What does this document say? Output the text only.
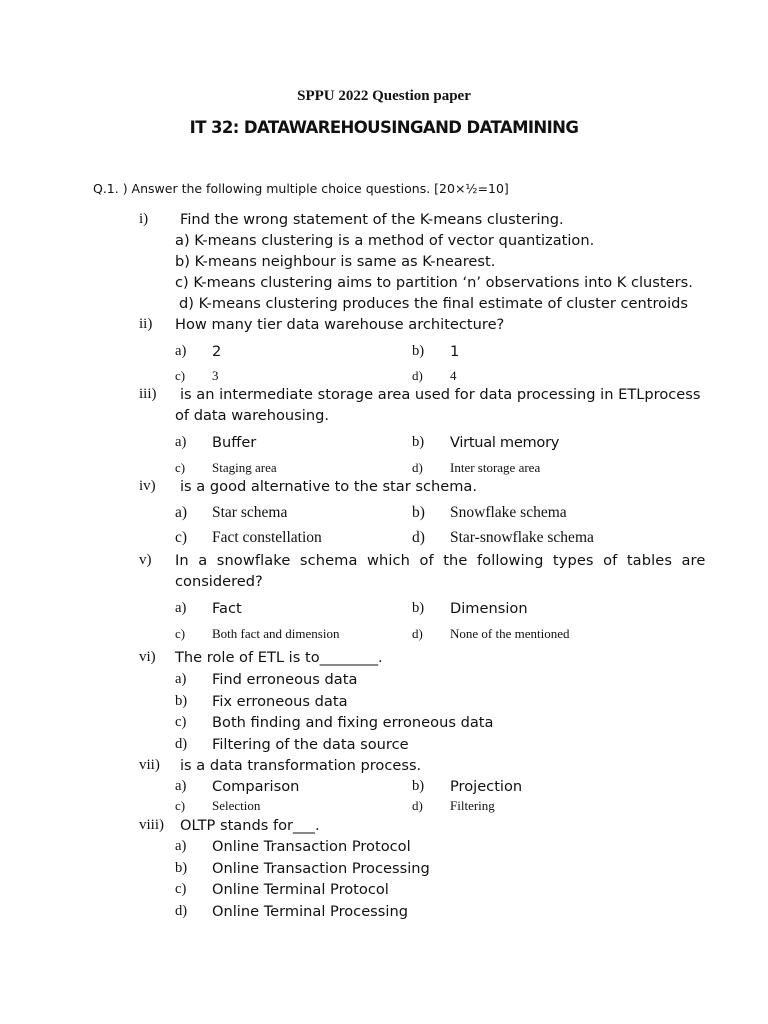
SPPU 2022 Question paper
IT 32: DATAWAREHOUSINGAND DATAMINING
Q.1. ) Answer the following multiple choice questions. [20×½=10]
i) Find the wrong statement of the K-means clustering.
a) K-means clustering is a method of vector quantization.
b) K-means neighbour is same as K-nearest.
c) K-means clustering aims to partition ‘n’ observations into K clusters.
d) K-means clustering produces the final estimate of cluster centroids
ii) How many tier data warehouse architecture?
a) 2	b) 1
c) 3	d) 4
iii) is an intermediate storage area used for data processing in ETLprocess
of data warehousing.
a) Buffer	b) Virtual memory
c) Staging area	d) Inter storage area
iv) is a good alternative to the star schema.
a) Star schema	b) Snowflake schema
c) Fact constellation	d) Star-snowflake schema
v) In  a  snowflake  schema  which  of  the  following  types  of  tables  are
considered?
a) Fact	b) Dimension
c) Both fact and dimension	d) None of the mentioned
vi) The role of ETL is to________.
a) Find erroneous data
b) Fix erroneous data
c) Both finding and fixing erroneous data
d) Filtering of the data source
vii) is a data transformation process.
a) Comparison	b) Projection
c) Selection	d) Filtering
viii) OLTP stands for___.
a) Online Transaction Protocol
b) Online Transaction Processing
c) Online Terminal Protocol
d) Online Terminal Processing
